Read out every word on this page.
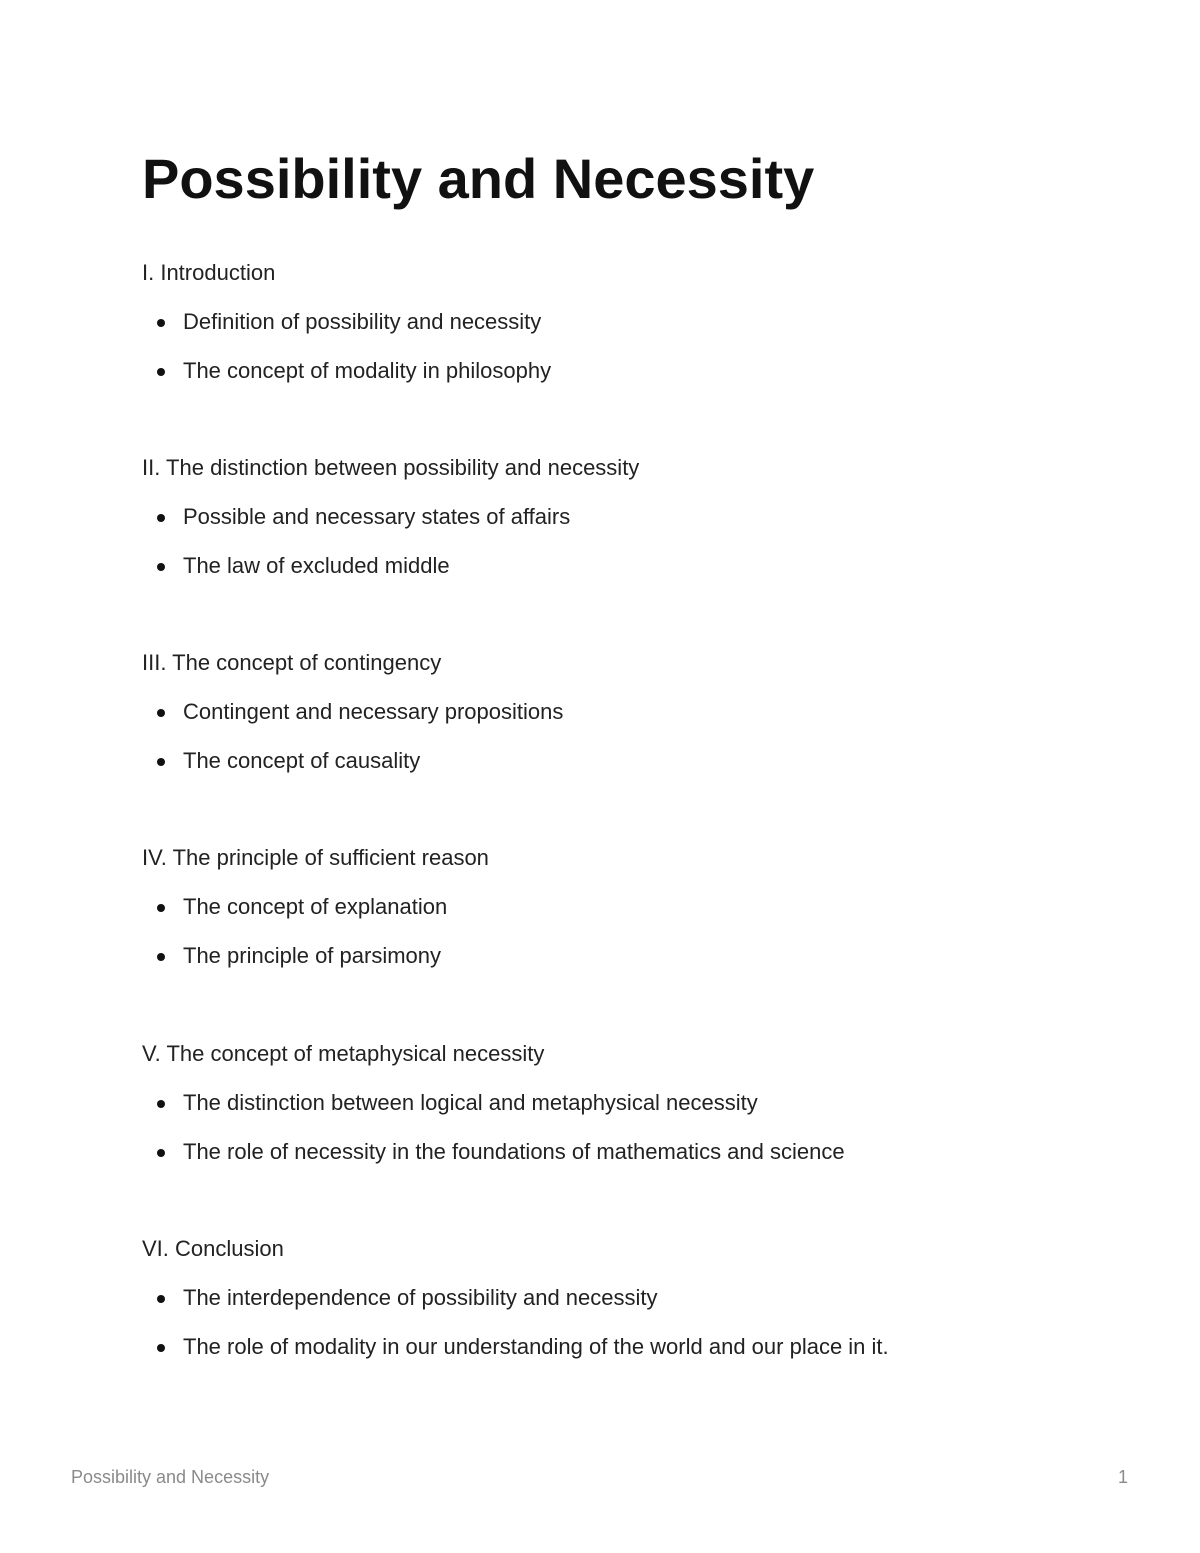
Possibility and Necessity
I. Introduction
Definition of possibility and necessity
The concept of modality in philosophy
II. The distinction between possibility and necessity
Possible and necessary states of affairs
The law of excluded middle
III. The concept of contingency
Contingent and necessary propositions
The concept of causality
IV. The principle of sufficient reason
The concept of explanation
The principle of parsimony
V. The concept of metaphysical necessity
The distinction between logical and metaphysical necessity
The role of necessity in the foundations of mathematics and science
VI. Conclusion
The interdependence of possibility and necessity
The role of modality in our understanding of the world and our place in it.
Possibility and Necessity	1
